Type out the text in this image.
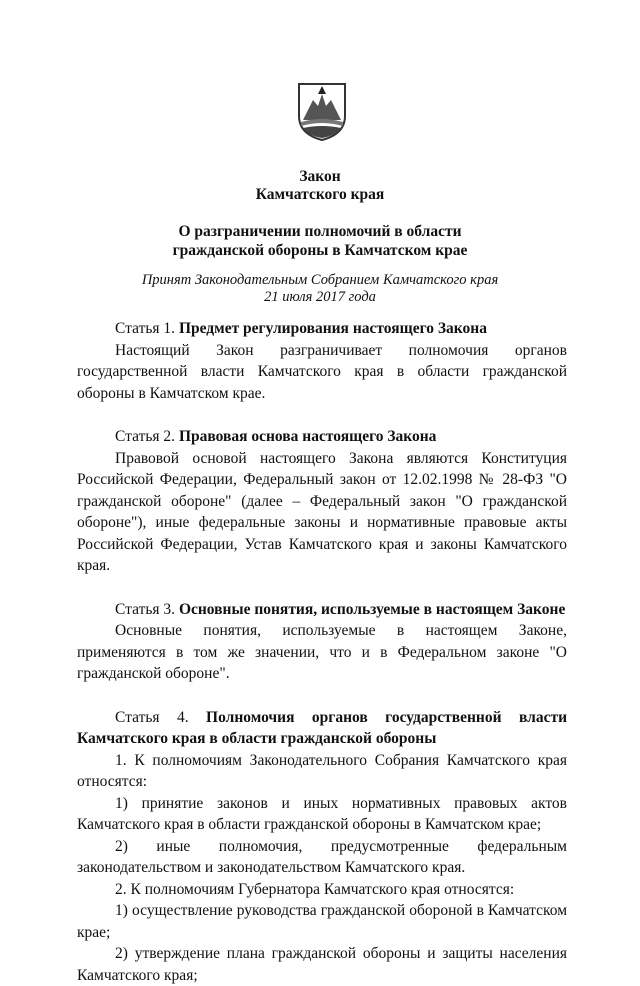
Закон
Камчатского края
О разграничении полномочий в области
гражданской обороны в Камчатском крае
Принят Законодательным Собранием Камчатского края
21 июля 2017 года

Статья 1. Предмет регулирования настоящего Закона

Настоящий Закон разграничивает полномочия органов государственной власти Камчатского края в области гражданской обороны в Камчатском крае.

Статья 2. Правовая основа настоящего Закона

Правовой основой настоящего Закона являются Конституция Российской Федерации, Федеральный закон от 12.02.1998 № 28-ФЗ "О гражданской обороне" (далее – Федеральный закон "О гражданской обороне"), иные федеральные законы и нормативные правовые акты Российской Федерации, Устав Камчатского края и законы Камчатского края.

Статья 3. Основные понятия, используемые в настоящем Законе

Основные понятия, используемые в настоящем Законе, применяются в том же значении, что и в Федеральном законе "О гражданской обороне".

Статья 4. Полномочия органов государственной власти Камчатского края в области гражданской обороны

1. К полномочиям Законодательного Собрания Камчатского края относятся:

1) принятие законов и иных нормативных правовых актов Камчатского края в области гражданской обороны в Камчатском крае;

2) иные полномочия, предусмотренные федеральным законодательством и законодательством Камчатского края.

2. К полномочиям Губернатора Камчатского края относятся:

1) осуществление руководства гражданской обороной в Камчатском крае;

2) утверждение плана гражданской обороны и защиты населения Камчатского края;
